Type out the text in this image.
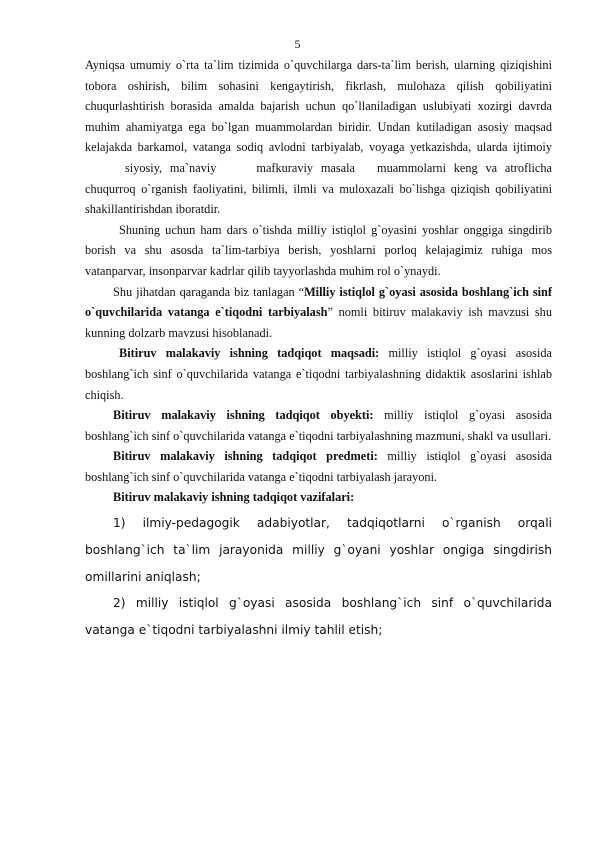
5

Ayniqsa umumiy o`rta ta`lim tizimida o`quvchilarga dars-ta`lim berish, ularning qiziqishini tobora oshirish, bilim sohasini kengaytirish, fikrlash, mulohaza qilish qobiliyatini chuqurlashtirish borasida amalda bajarish uchun qo`llaniladigan uslubiyati xozirgi davrda muhim ahamiyatga ega bo`lgan muammolardan biridir. Undan kutiladigan asosiy maqsad kelajakda barkamol, vatanga sodiq avlodni tarbiyalab, voyaga yetkazishda, ularda ijtimoiysiyosiy, ma`naviy	mafkuraviy masala muammolarni keng va atroflicha chuqurroq o`rganish faoliyatini, bilimli, ilmli va muloxazali bo`lishga qiziqish qobiliyatini shakillantirishdan iboratdir.

Shuning uchun ham dars o`tishda milliy istiqlol g`oyasini yoshlar onggiga singdirib borish va shu asosda ta`lim-tarbiya berish, yoshlarni porloq kelajagimiz ruhiga mos vatanparvar, insonparvar kadrlar qilib tayyorlashda muhim rol o`ynaydi.

Shu jihatdan qaraganda biz tanlagan “Milliy istiqlol g`oyasi asosida boshlang`ich sinf o`quvchilarida vatanga e`tiqodni tarbiyalash” nomli bitiruv malakaviy ish mavzusi shu kunning dolzarb mavzusi hisoblanadi.

Bitiruv malakaviy ishning tadqiqot maqsadi: milliy istiqlol g`oyasi asosida boshlang`ich sinf o`quvchilarida vatanga e`tiqodni tarbiyalashning didaktik asoslarini ishlab chiqish.

Bitiruv malakaviy ishning tadqiqot obyekti: milliy istiqlol g`oyasi asosida boshlang`ich sinf o`quvchilarida vatanga e`tiqodni tarbiyalashning mazmuni, shakl va usullari.

Bitiruv malakaviy ishning tadqiqot predmeti: milliy istiqlol g`oyasi asosida boshlang`ich sinf o`quvchilarida vatanga e`tiqodni tarbiyalash jarayoni.

Bitiruv malakaviy ishning tadqiqot vazifalari:

1) ilmiy-pedagogik adabiyotlar, tadqiqotlarni o`rganish orqali boshlang`ich ta`lim jarayonida milliy g`oyani yoshlar ongiga singdirish omillarini aniqlash;

2) milliy istiqlol g`oyasi asosida boshlang`ich sinf o`quvchilarida vatanga e`tiqodni tarbiyalashni ilmiy tahlil etish;
